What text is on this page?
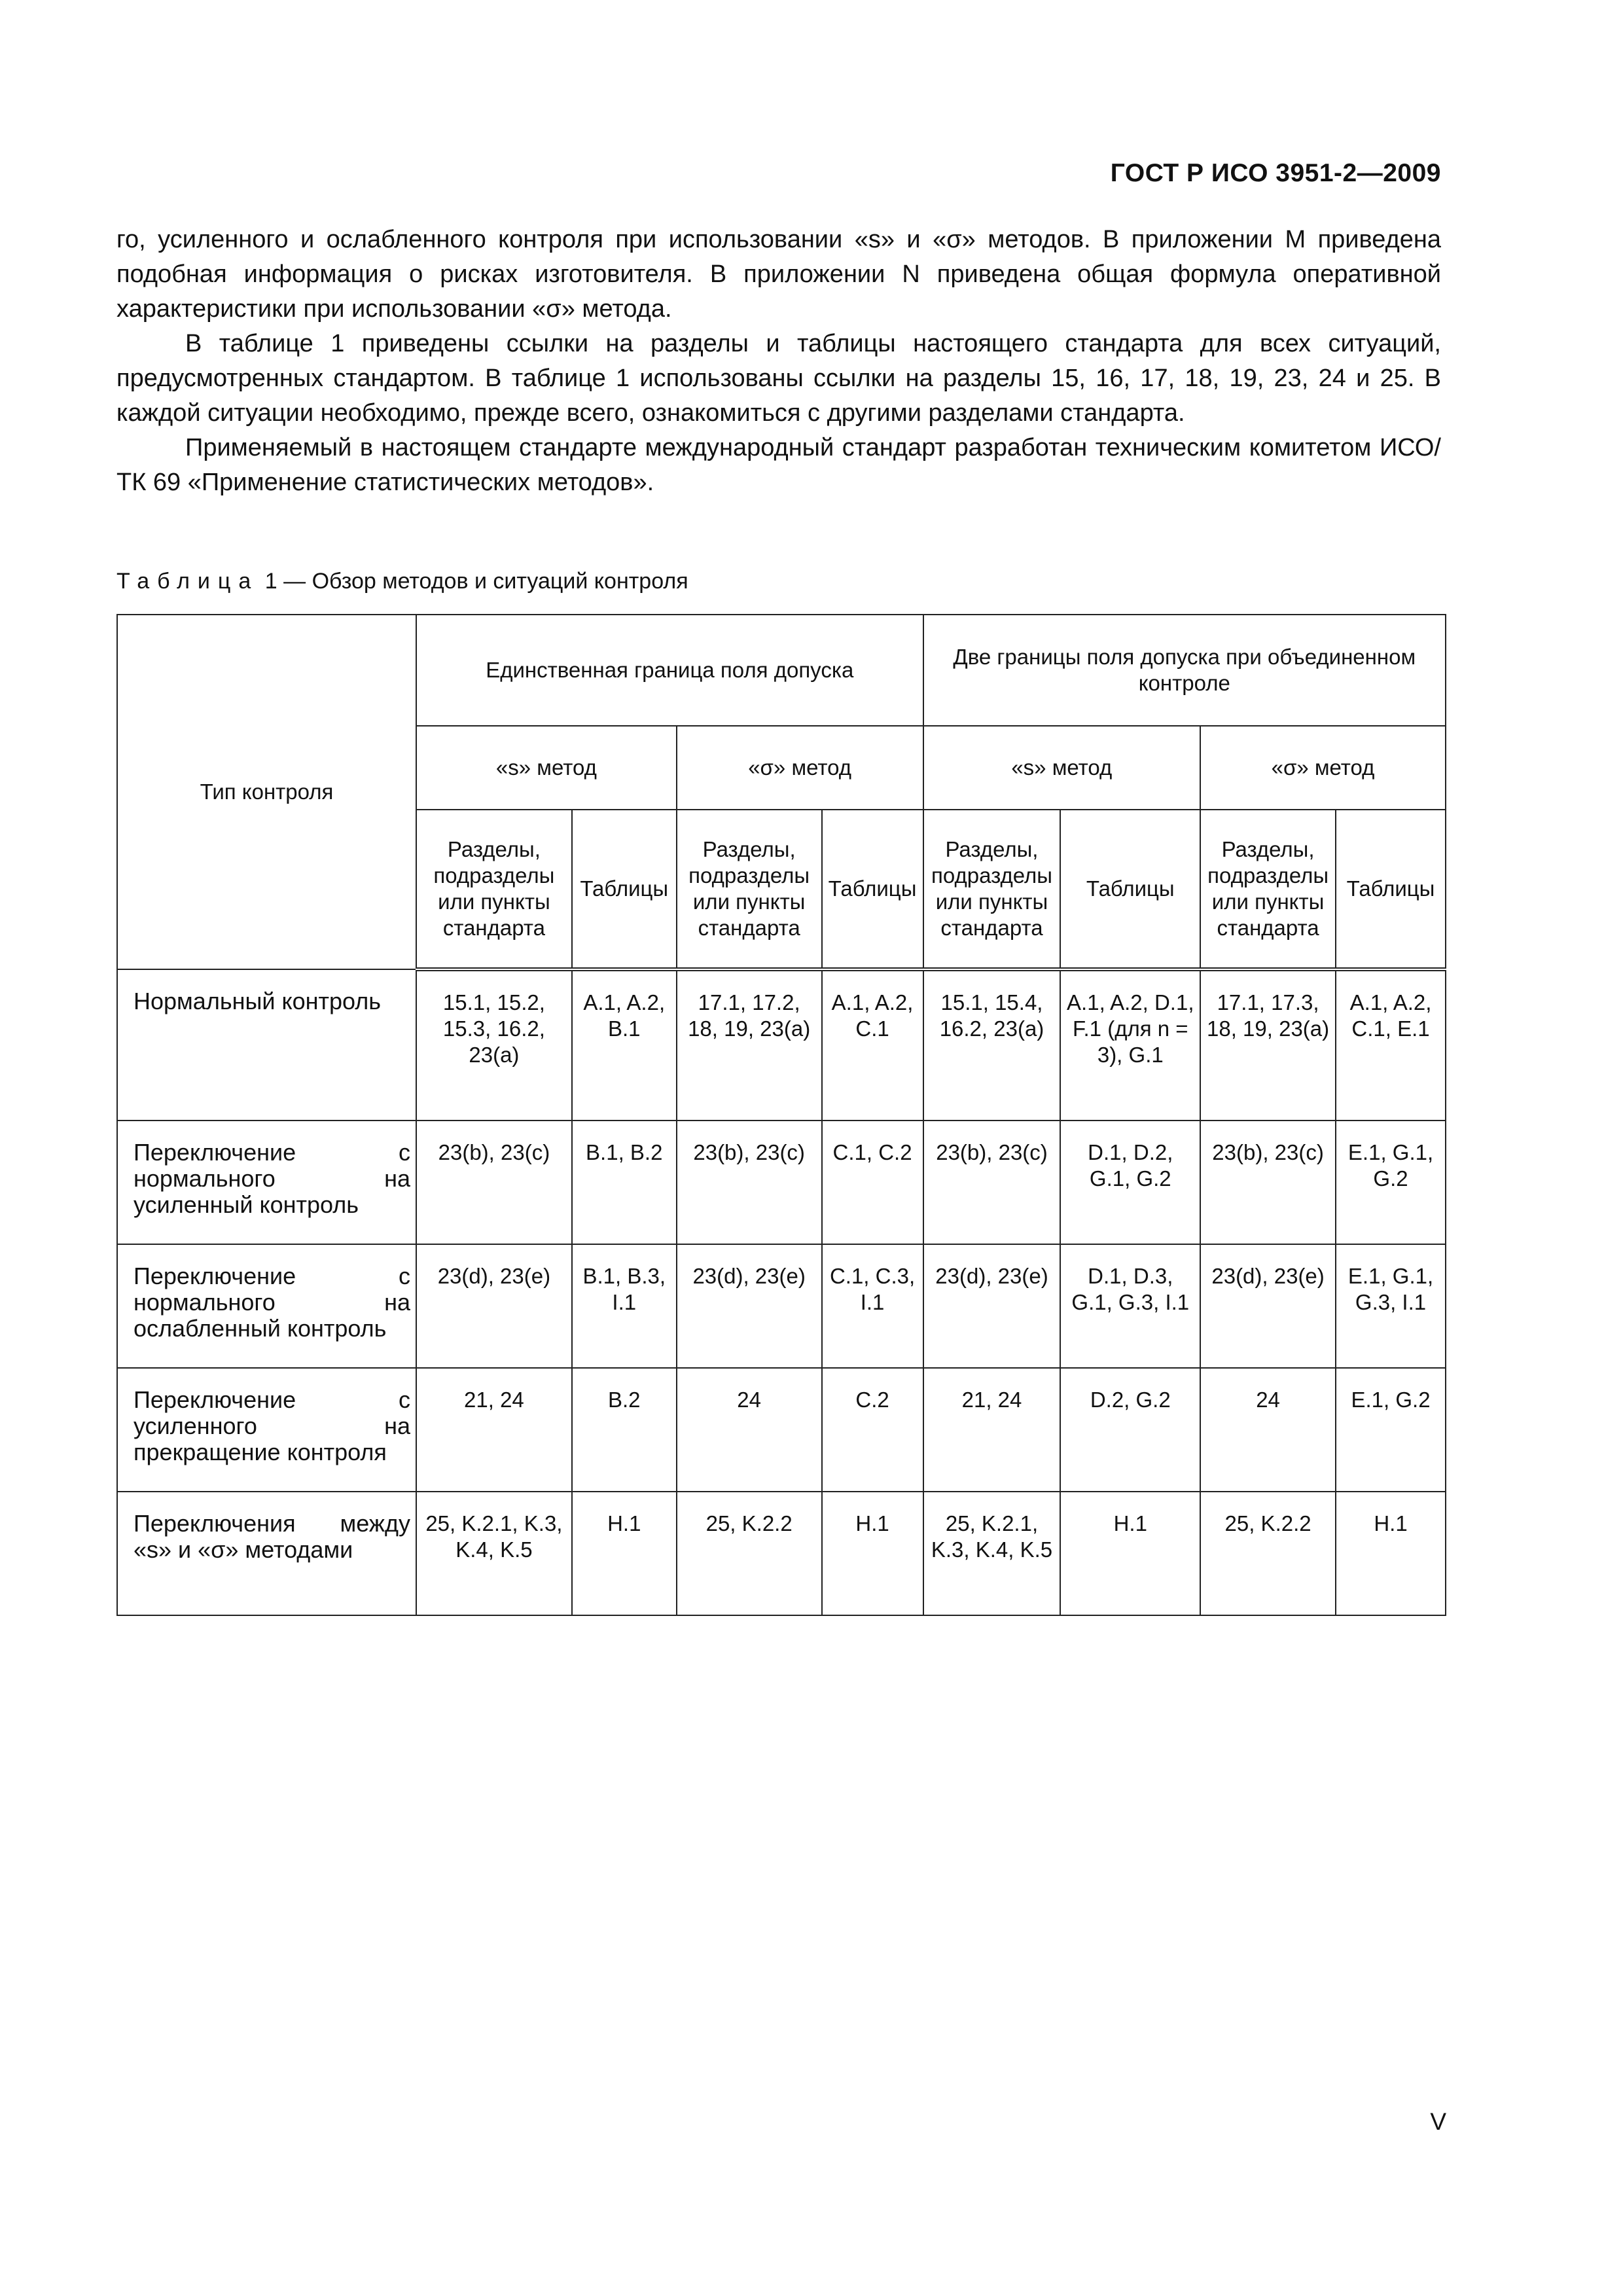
ГОСТ Р ИСО 3951-2—2009

го, усиленного и ослабленного контроля при использовании «s» и «σ» методов. В приложении M приведена подобная информация о рисках изготовителя. В приложении N приведена общая формула оперативной характеристики при использовании «σ» метода.

В таблице 1 приведены ссылки на разделы и таблицы настоящего стандарта для всех ситуаций, предусмотренных стандартом. В таблице 1 использованы ссылки на разделы 15, 16, 17, 18, 19, 23, 24 и 25. В каждой ситуации необходимо, прежде всего, ознакомиться с другими разделами стандарта.

Применяемый в настоящем стандарте международный стандарт разработан техническим комитетом ИСО/ТК 69 «Применение статистических методов».

Таблица 1 — Обзор методов и ситуаций контроля
Тип контроля	Единственная граница поля допуска				Две границы поля допуска при объединенном контроле			
	«s» метод		«σ» метод		«s» метод		«σ» метод	
	Разделы, подразделы или пункты стандарта	Таблицы	Разделы, подразделы или пункты стандарта	Таблицы	Разделы, подразделы или пункты стандарта	Таблицы	Разделы, подразделы или пункты стандарта	Таблицы
Нормальный контроль	15.1, 15.2, 15.3, 16.2, 23(a)	A.1, A.2, B.1	17.1, 17.2, 18, 19, 23(a)	A.1, A.2, C.1	15.1, 15.4, 16.2, 23(a)	A.1, A.2, D.1, F.1 (для n = 3), G.1	17.1, 17.3, 18, 19, 23(a)	A.1, A.2, C.1, E.1
Переключение с нормального на усиленный контроль	23(b), 23(c)	B.1, B.2	23(b), 23(c)	C.1, C.2	23(b), 23(c)	D.1, D.2, G.1, G.2	23(b), 23(c)	E.1, G.1, G.2
Переключение с нормального на ослабленный контроль	23(d), 23(e)	B.1, B.3, I.1	23(d), 23(e)	C.1, C.3, I.1	23(d), 23(e)	D.1, D.3, G.1, G.3, I.1	23(d), 23(e)	E.1, G.1, G.3, I.1
Переключение с усиленного на прекращение контроля	21, 24	B.2	24	C.2	21, 24	D.2, G.2	24	E.1, G.2
Переключения между «s» и «σ» методами	25, K.2.1, K.3, K.4, K.5	H.1	25, K.2.2	H.1	25, K.2.1, K.3, K.4, K.5	H.1	25, K.2.2	H.1
V
